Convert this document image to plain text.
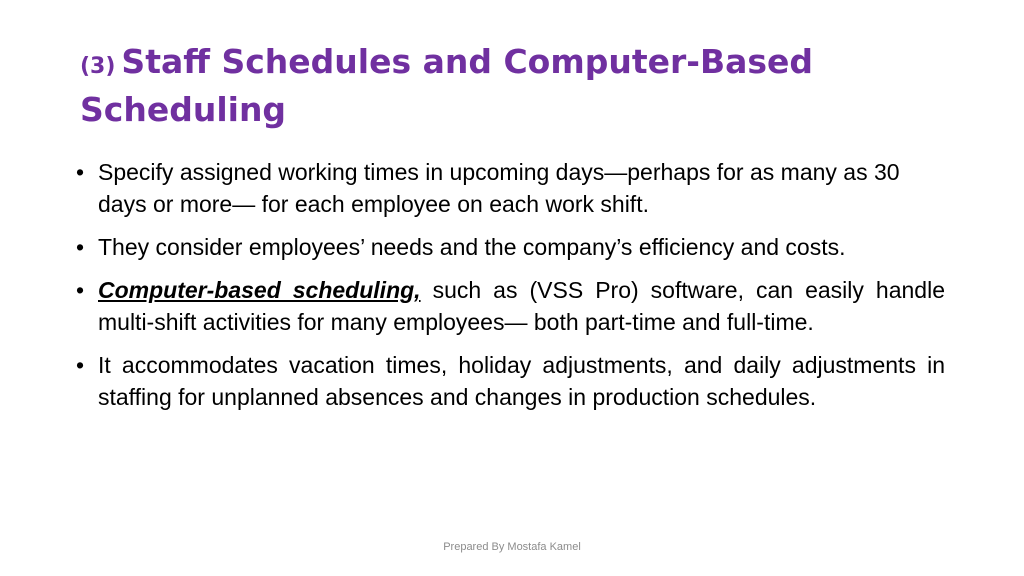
(3) Staff Schedules and Computer-Based Scheduling
• Specify assigned working times in upcoming days—perhaps for as many as 30 days or more— for each employee on each work shift.
• They consider employees’ needs and the company’s efficiency and costs.
• Computer-based scheduling, such as (VSS Pro) software, can easily handle multi-shift activities for many employees— both part-time and full-time.
• It accommodates vacation times, holiday adjustments, and daily adjustments in staffing for unplanned absences and changes in production schedules.
Prepared By Mostafa Kamel
